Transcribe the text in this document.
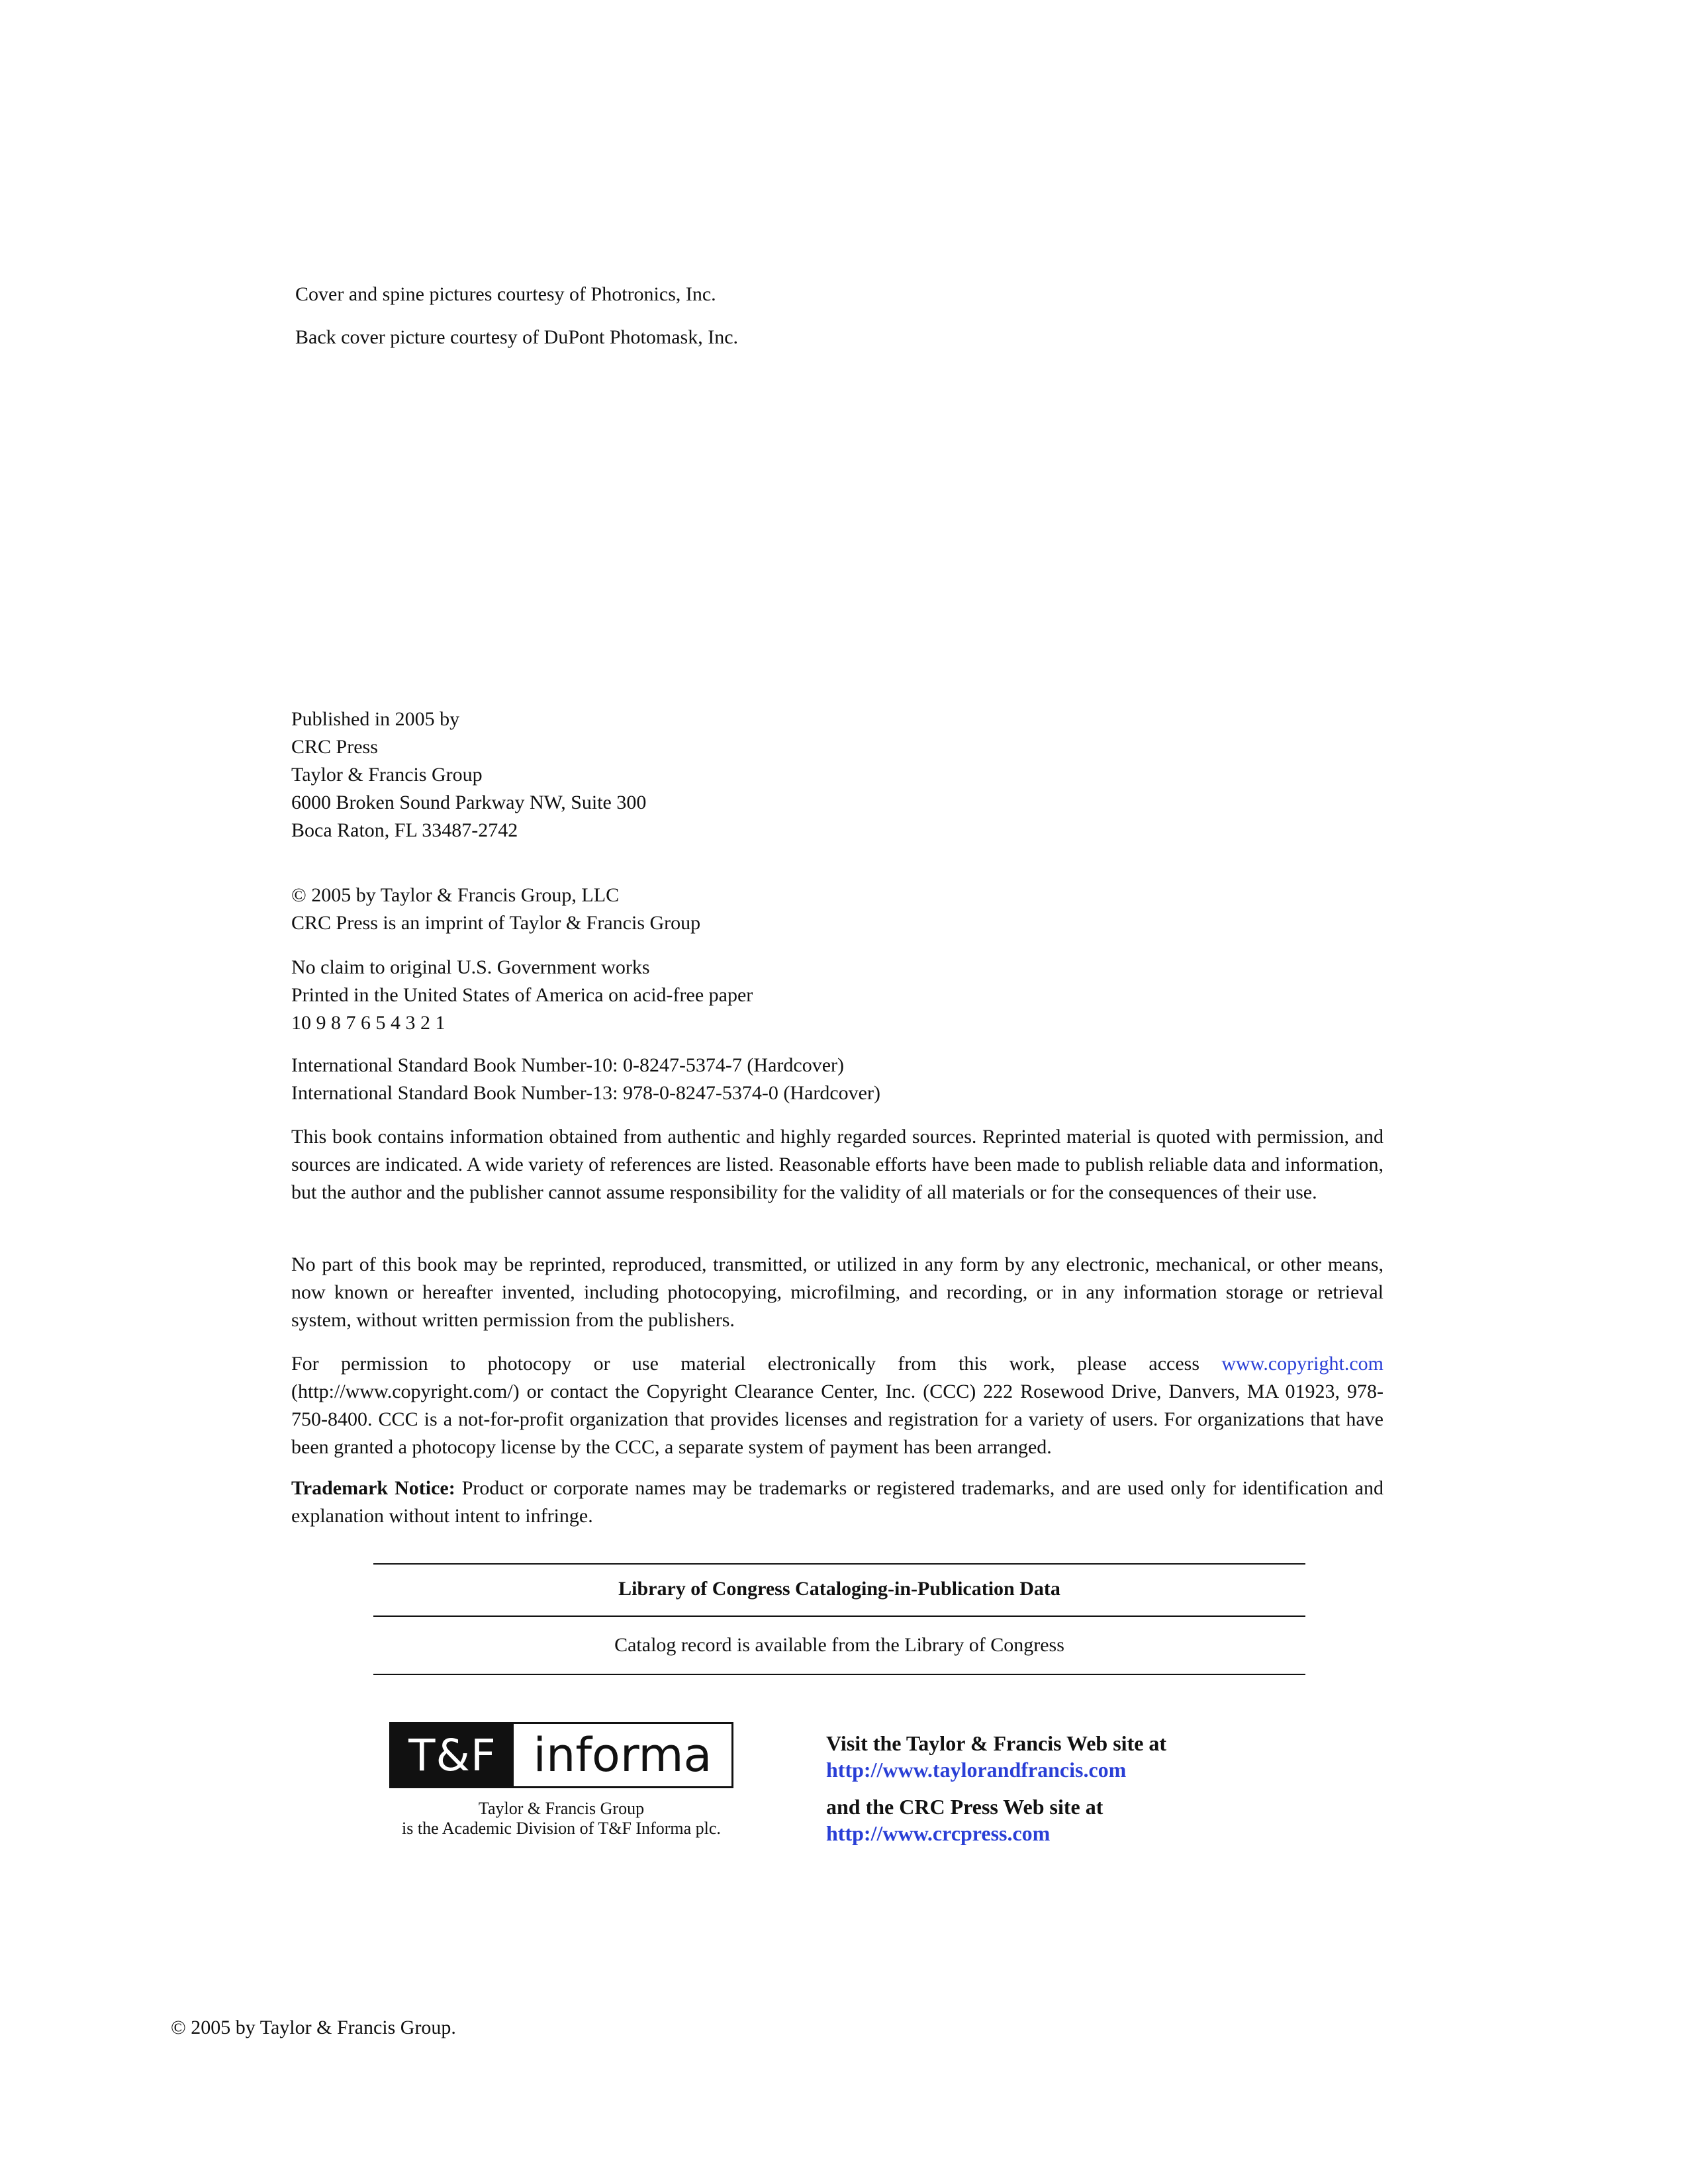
Cover and spine pictures courtesy of Photronics, Inc.

Back cover picture courtesy of DuPont Photomask, Inc.

Published in 2005 by

CRC Press

Taylor & Francis Group

6000 Broken Sound Parkway NW, Suite 300

Boca Raton, FL 33487-2742

© 2005 by Taylor & Francis Group, LLC

CRC Press is an imprint of Taylor & Francis Group

No claim to original U.S. Government works

Printed in the United States of America on acid-free paper

10 9 8 7 6 5 4 3 2 1

International Standard Book Number-10: 0-8247-5374-7 (Hardcover)

International Standard Book Number-13: 978-0-8247-5374-0 (Hardcover)

This book contains information obtained from authentic and highly regarded sources. Reprinted material is quoted with permission, and sources are indicated. A wide variety of references are listed. Reasonable efforts have been made to publish reliable data and information, but the author and the publisher cannot assume responsibility for the validity of all materials or for the consequences of their use.

No part of this book may be reprinted, reproduced, transmitted, or utilized in any form by any electronic, mechanical, or other means, now known or hereafter invented, including photocopying, microfilming, and recording, or in any information storage or retrieval system, without written permission from the publishers.

For permission to photocopy or use material electronically from this work, please access www.copyright.com (http://www.copyright.com/) or contact the Copyright Clearance Center, Inc. (CCC) 222 Rosewood Drive, Danvers, MA 01923, 978-750-8400. CCC is a not-for-profit organization that provides licenses and registration for a variety of users. For organizations that have been granted a photocopy license by the CCC, a separate system of payment has been arranged.

Trademark Notice: Product or corporate names may be trademarks or registered trademarks, and are used only for identification and explanation without intent to infringe.

Library of Congress Cataloging-in-Publication Data
Catalog record is available from the Library of Congress
T&F informa
Taylor & Francis Group
is the Academic Division of T&F Informa plc.
Visit the Taylor & Francis Web site at
http://www.taylorandfrancis.com
and the CRC Press Web site at
http://www.crcpress.com

© 2005 by Taylor & Francis Group.
